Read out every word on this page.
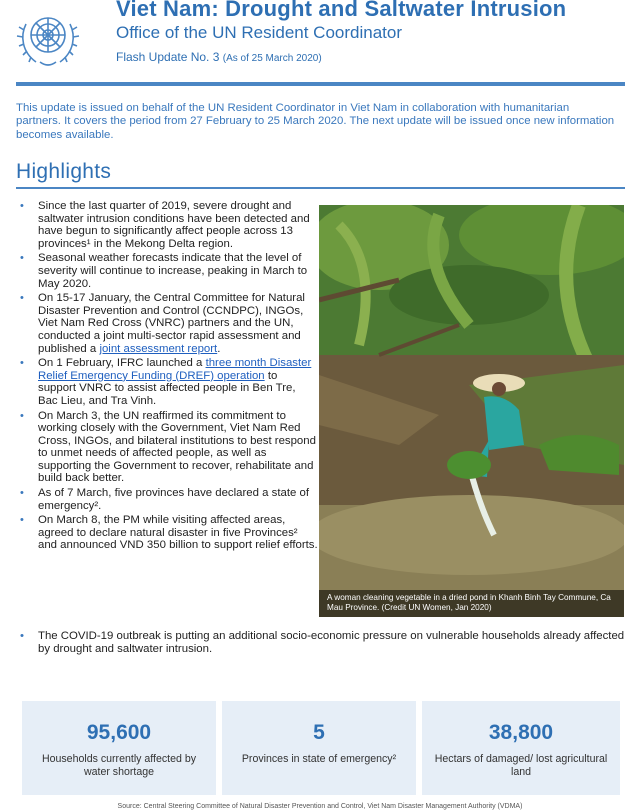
Viet Nam: Drought and Saltwater Intrusion
Office of the UN Resident Coordinator
Flash Update No. 3 (As of 25 March 2020)
This update is issued on behalf of the UN Resident Coordinator in Viet Nam in collaboration with humanitarian partners. It covers the period from 27 February to 25 March 2020. The next update will be issued once new information becomes available.
Highlights
• Since the last quarter of 2019, severe drought and saltwater intrusion conditions have been detected and have begun to significantly affect people across 13 provinces¹ in the Mekong Delta region.
• Seasonal weather forecasts indicate that the level of severity will continue to increase, peaking in March to May 2020.
• On 15-17 January, the Central Committee for Natural Disaster Prevention and Control (CCNDPC), INGOs, Viet Nam Red Cross (VNRC) partners and the UN, conducted a joint multi-sector rapid assessment and published a joint assessment report.
• On 1 February, IFRC launched a three month Disaster Relief Emergency Funding (DREF) operation to support VNRC to assist affected people in Ben Tre, Bac Lieu, and Tra Vinh.
• On March 3, the UN reaffirmed its commitment to working closely with the Government, Viet Nam Red Cross, INGOs, and bilateral institutions to best respond to unmet needs of affected people, as well as supporting the Government to recover, rehabilitate and build back better.
• As of 7 March, five provinces have declared a state of emergency².
• On March 8, the PM while visiting affected areas, agreed to declare natural disaster in five Provinces² and announced VND 350 billion to support relief efforts.
• The COVID-19 outbreak is putting an additional socio-economic pressure on vulnerable households already affected by drought and saltwater intrusion.
A woman cleaning vegetable in a dried pond in Khanh Binh Tay Commune, Ca Mau Province. (Credit UN Women, Jan 2020)
95,600
Households currently affected by water shortage
5
Provinces in state of emergency²
38,800
Hectars of damaged/ lost agricultural land
Source: Central Steering Committee of Natural Disaster Prevention and Control, Viet Nam Disaster Management Authority (VDMA)
